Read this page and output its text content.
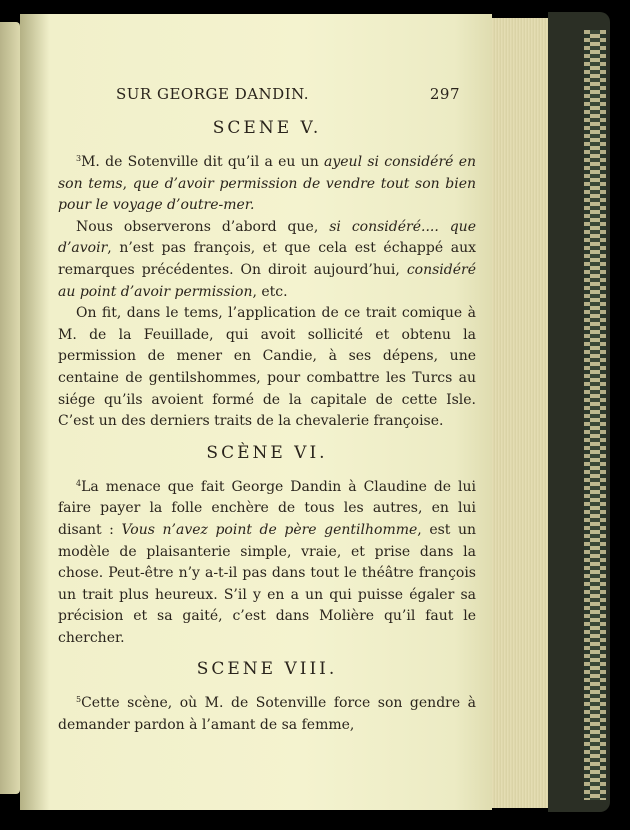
SUR GEORGE DANDIN.	297
SCENE V.

$^3$M. de Sotenville dit qu’il a eu un ayeul si considéré en son tems, que d’avoir permission de vendre tout son bien pour le voyage d’outre-mer.

Nous observerons d’abord que, si considéré.... que d’avoir, n’est pas françois, et que cela est échappé aux remarques précédentes. On diroit aujourd’hui, considéré au point d’avoir permission, etc.

On fit, dans le tems, l’application de ce trait comique à M. de la Feuillade, qui avoit sollicité et obtenu la permission de mener en Candie, à ses dépens, une centaine de gentilshommes, pour combattre les Turcs au siége qu’ils avoient formé de la capitale de cette Isle. C’est un des derniers traits de la chevalerie françoise.

SCÈNE VI.

$^4$La menace que fait George Dandin à Claudine de lui faire payer la folle enchère de tous les autres, en lui disant : Vous n’avez point de père gentilhomme, est un modèle de plaisanterie simple, vraie, et prise dans la chose. Peut-être n’y a-t-il pas dans tout le théâtre françois un trait plus heureux. S’il y en a un qui puisse égaler sa précision et sa gaité, c’est dans Molière qu’il faut le chercher.

SCENE VIII.

$^5$Cette scène, où M. de Sotenville force son gendre à demander pardon à l’amant de sa femme,
